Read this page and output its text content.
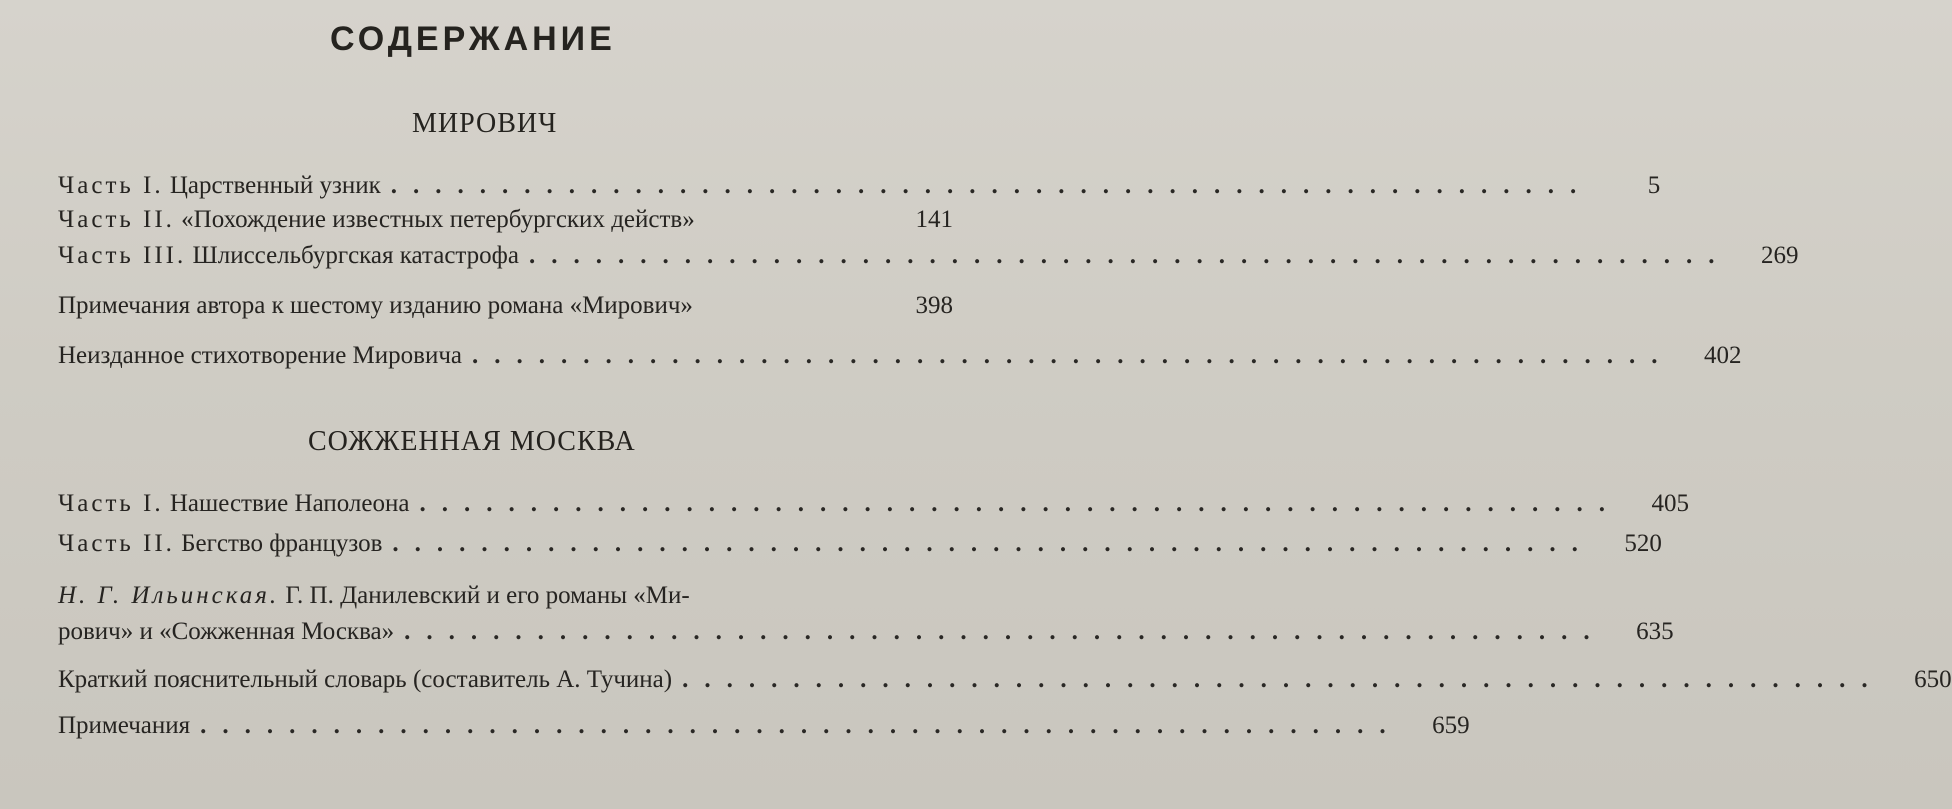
СОДЕРЖАНИЕ
МИРОВИЧ
Часть I. Царственный узник ......................................................	5
Часть II. «Похождение известных петербургских действ»	141
Часть III. Шлиссельбургская катастрофа ......................................................	269
Примечания автора к шестому изданию романа «Мирович»	398
Неизданное стихотворение Мировича ......................................................	402
СОЖЖЕННАЯ МОСКВА
Часть I. Нашествие Наполеона ......................................................	405
Часть II. Бегство французов ......................................................	520
Н. Г. Ильинская. Г. П. Данилевский и его романы «Ми-
рович» и «Сожженная Москва» ......................................................	635
Краткий пояснительный словарь (составитель А. Тучина) ......................................................	650
Примечания ......................................................	659
